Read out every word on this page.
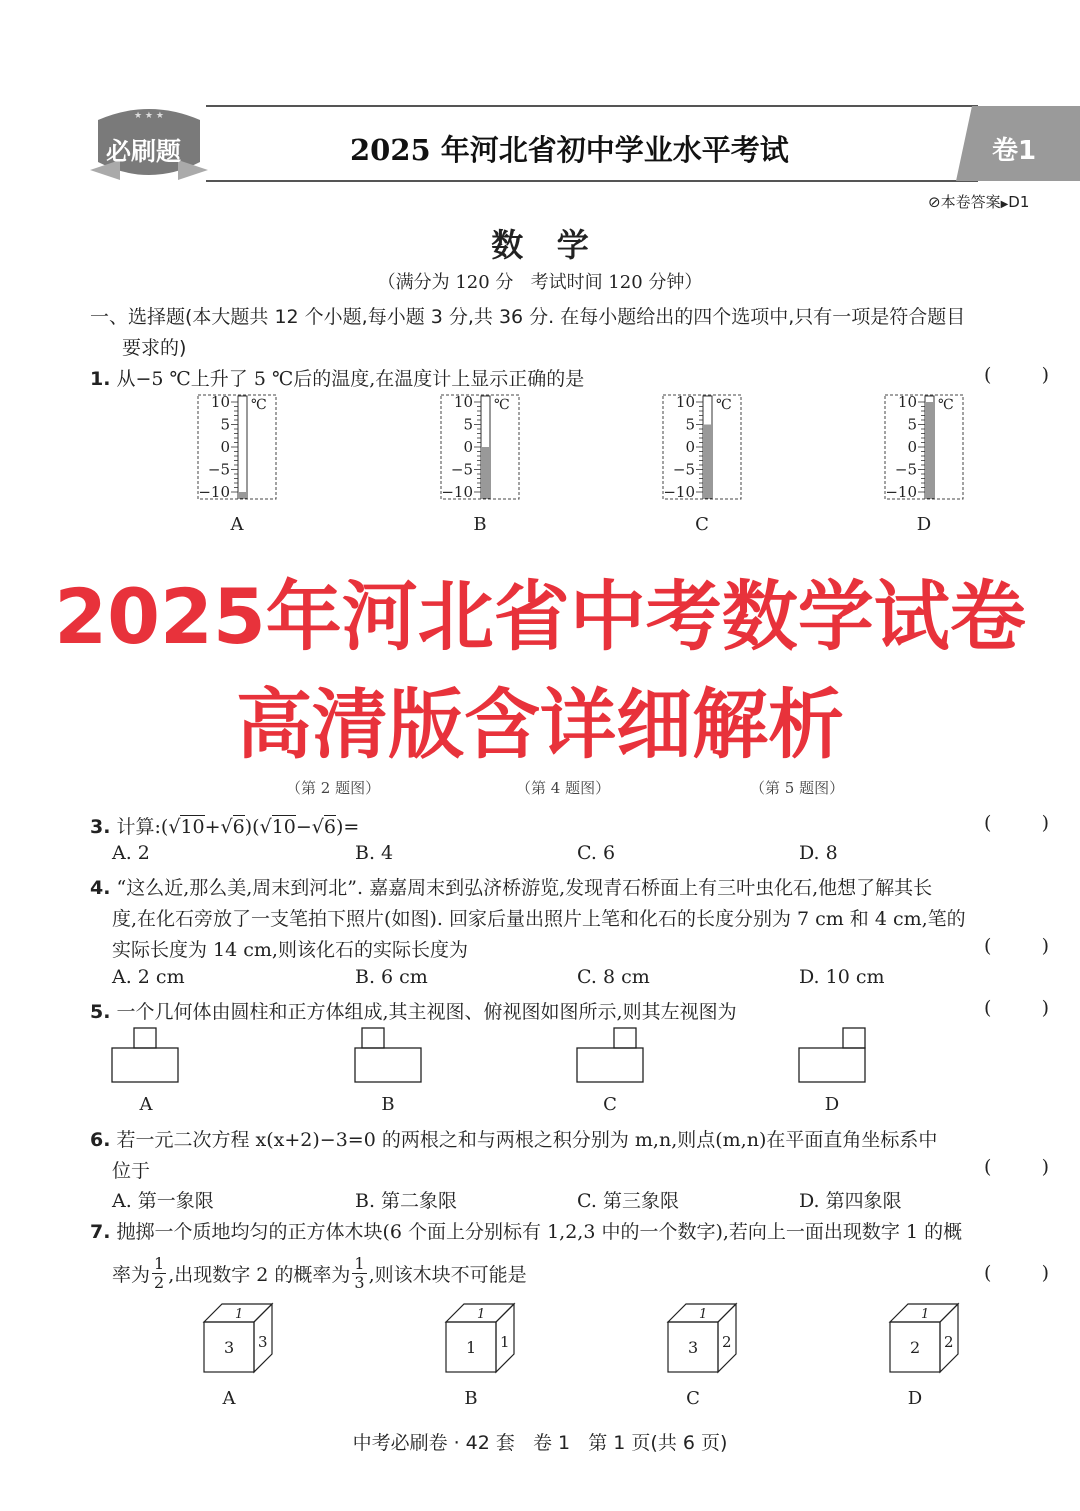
★ ★ ★
必刷题	2025 年河北省初中学业水平考试	卷1
⊘本卷答案▶D1
数   学
（满分为 120 分   考试时间 120 分钟）
一、选择题(本大题共 12 个小题,每小题 3 分,共 36 分. 在每小题给出的四个选项中,只有一项是符合题目
要求的)
1. 从−5 ℃上升了 5 ℃后的温度,在温度计上显示正确的是	(      )
10
5
0
−5
−10
℃
A
10
5
0
−5
−10
℃
B
10
5
0
−5
−10
℃
C
10
5
0
−5
−10
℃
D
2025年河北省中考数学试卷
高清版含详细解析
（第 2 题图）	（第 4 题图）	（第 5 题图）
3. 计算:(√10+√6)(√10−√6)=	(      )
A. 2	B. 4	C. 6	D. 8
4. “这么近,那么美,周末到河北”. 嘉嘉周末到弘济桥游览,发现青石桥面上有三叶虫化石,他想了解其长
度,在化石旁放了一支笔拍下照片(如图). 回家后量出照片上笔和化石的长度分别为 7 cm 和 4 cm,笔的
实际长度为 14 cm,则该化石的实际长度为	(      )
A. 2 cm	B. 6 cm	C. 8 cm	D. 10 cm
5. 一个几何体由圆柱和正方体组成,其主视图、俯视图如图所示,则其左视图为	(      )
A	B	C	D
6. 若一元二次方程 x(x+2)−3=0 的两根之和与两根之积分别为 m,n,则点(m,n)在平面直角坐标系中
位于	(      )
A. 第一象限	B. 第二象限	C. 第三象限	D. 第四象限
7. 抛掷一个质地均匀的正方体木块(6 个面上分别标有 1,2,3 中的一个数字),若向上一面出现数字 1 的概
率为
1
2 ,出现数字 2 的概率为
1
3 ,则该木块不可能是	(      )
1
3 3
A
1
1 1
B
1
3 2
C
1
2 2
D
中考必刷卷 · 42 套   卷 1   第 1 页(共 6 页)
